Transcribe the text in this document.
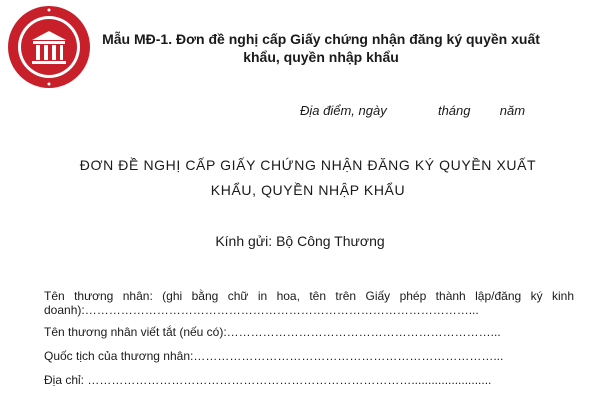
Mẫu MĐ-1. Đơn đề nghị cấp Giấy chứng nhận đăng ký quyền xuất khẩu, quyền nhập khẩu
Địa điểm, ngày	tháng năm
ĐƠN ĐỀ NGHỊ CẤP GIẤY CHỨNG NHẬN ĐĂNG KÝ QUYỀN XUẤT
KHẨU, QUYỀN NHẬP KHẨU
Kính gửi: Bộ Công Thương
Tên thương nhân: (ghi bằng chữ in hoa, tên trên Giấy phép thành lập/đăng ký kinh
doanh):……………………………………………………………………………………...
Tên thương nhân viết tắt (nếu có):…………………………………………………………...
Quốc tịch của thương nhân:…………………………………………………………………...
Địa chỉ: ………………………………………………………………………........................
